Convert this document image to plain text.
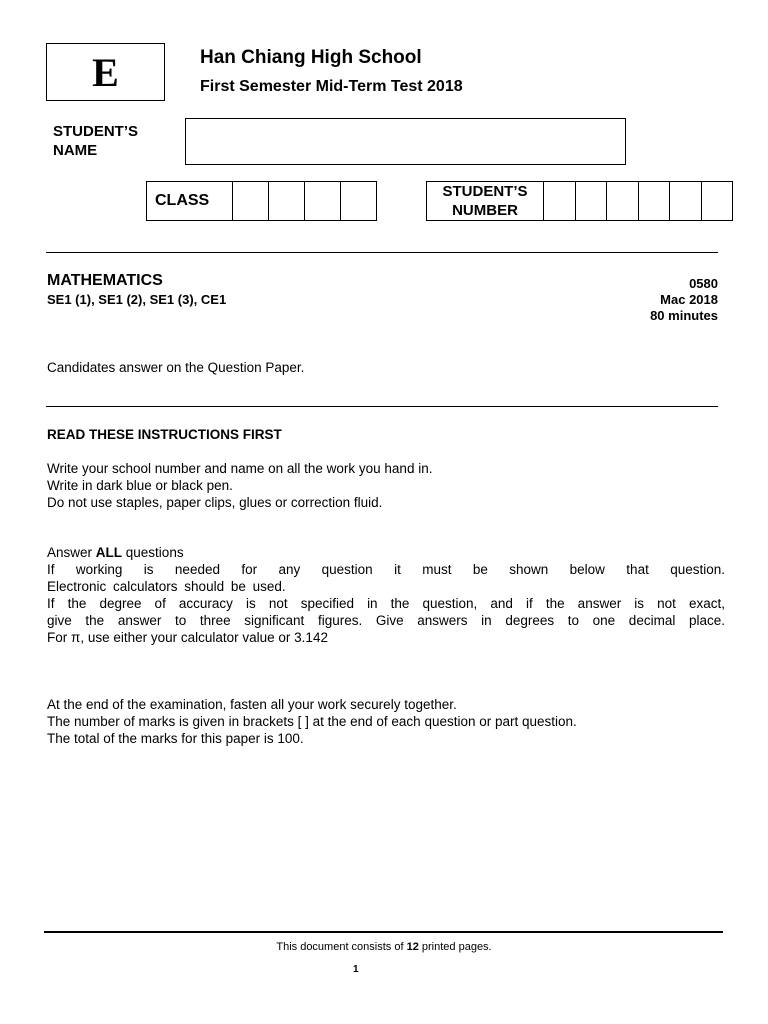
E	Han Chiang High School
First Semester Mid-Term Test 2018
STUDENT’S
NAME
CLASS
STUDENT’S
NUMBER
MATHEMATICS
SE1 (1), SE1 (2), SE1 (3), CE1
0580
Mac 2018
80 minutes
Candidates answer on the Question Paper.
READ THESE INSTRUCTIONS FIRST
Write your school number and name on all the work you hand in.
Write in dark blue or black pen.
Do not use staples, paper clips, glues or correction fluid.
Answer ALL questions
If working is needed for any question it must be shown below that question.
Electronic calculators should be used.
If the degree of accuracy is not specified in the question, and if the answer is not exact,
give the answer to three significant figures. Give answers in degrees to one decimal place.
For π, use either your calculator value or 3.142
At the end of the examination, fasten all your work securely together.
The number of marks is given in brackets [ ] at the end of each question or part question.
The total of the marks for this paper is 100.
This document consists of 12 printed pages.
1
